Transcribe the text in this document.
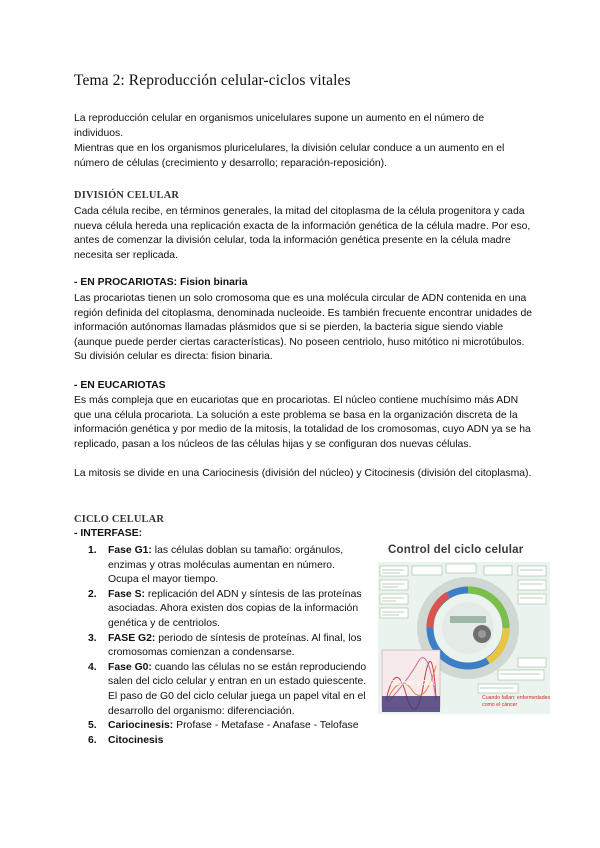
Tema 2: Reproducción celular-ciclos vitales
La reproducción celular en organismos unicelulares supone un aumento en el número de individuos.
Mientras que en los organismos pluricelulares, la división celular conduce a un aumento en el número de células (crecimiento y desarrollo; reparación-reposición).
DIVISIÓN CELULAR
Cada célula recibe, en términos generales, la mitad del citoplasma de la célula progenitora y cada nueva célula hereda una replicación exacta de la información genética de la célula madre. Por eso, antes de comenzar la división celular, toda la información genética presente en la célula madre necesita ser replicada.
- EN PROCARIOTAS: Fision binaria
Las procariotas tienen un solo cromosoma que es una molécula circular de ADN contenida en una región definida del citoplasma, denominada nucleoide. Es también frecuente encontrar unidades de información autónomas llamadas plásmidos que si se pierden, la bacteria sigue siendo viable (aunque puede perder ciertas características). No poseen centriolo, huso mitótico ni microtúbulos. Su división celular es directa: fision binaria.
- EN EUCARIOTAS
Es más compleja que en eucariotas que en procariotas. El núcleo contiene muchísimo más ADN que una célula procariota. La solución a este problema se basa en la organización discreta de la información genética y por medio de la mitosis, la totalidad de los cromosomas, cuyo ADN ya se ha replicado, pasan a los núcleos de las células hijas y se configuran dos nuevas células.
La mitosis se divide en una Cariocinesis (división del núcleo) y Citocinesis (división del citoplasma).
CICLO CELULAR
- INTERFASE:
1.	Fase G1: las células doblan su tamaño: orgánulos, enzimas y otras moléculas aumentan en número. Ocupa el mayor tiempo.
2.	Fase S: replicación del ADN y síntesis de las proteínas asociadas. Ahora existen dos copias de la información genética y de centriolos.
3.	FASE G2: periodo de síntesis de proteínas. Al final, los cromosomas comienzan a condensarse.
4.	Fase G0: cuando las células no se están reproduciendo salen del ciclo celular y entran en un estado quiescente. El paso de G0 del ciclo celular juega un papel vital en el desarrollo del organismo: diferenciación.
5.	Cariocinesis: Profase - Metafase - Anafase - Telofase
6.	Citocinesis
Control del ciclo celular
Ciclinas y Cdk
Cuando fallan: enfermedades como el cáncer
